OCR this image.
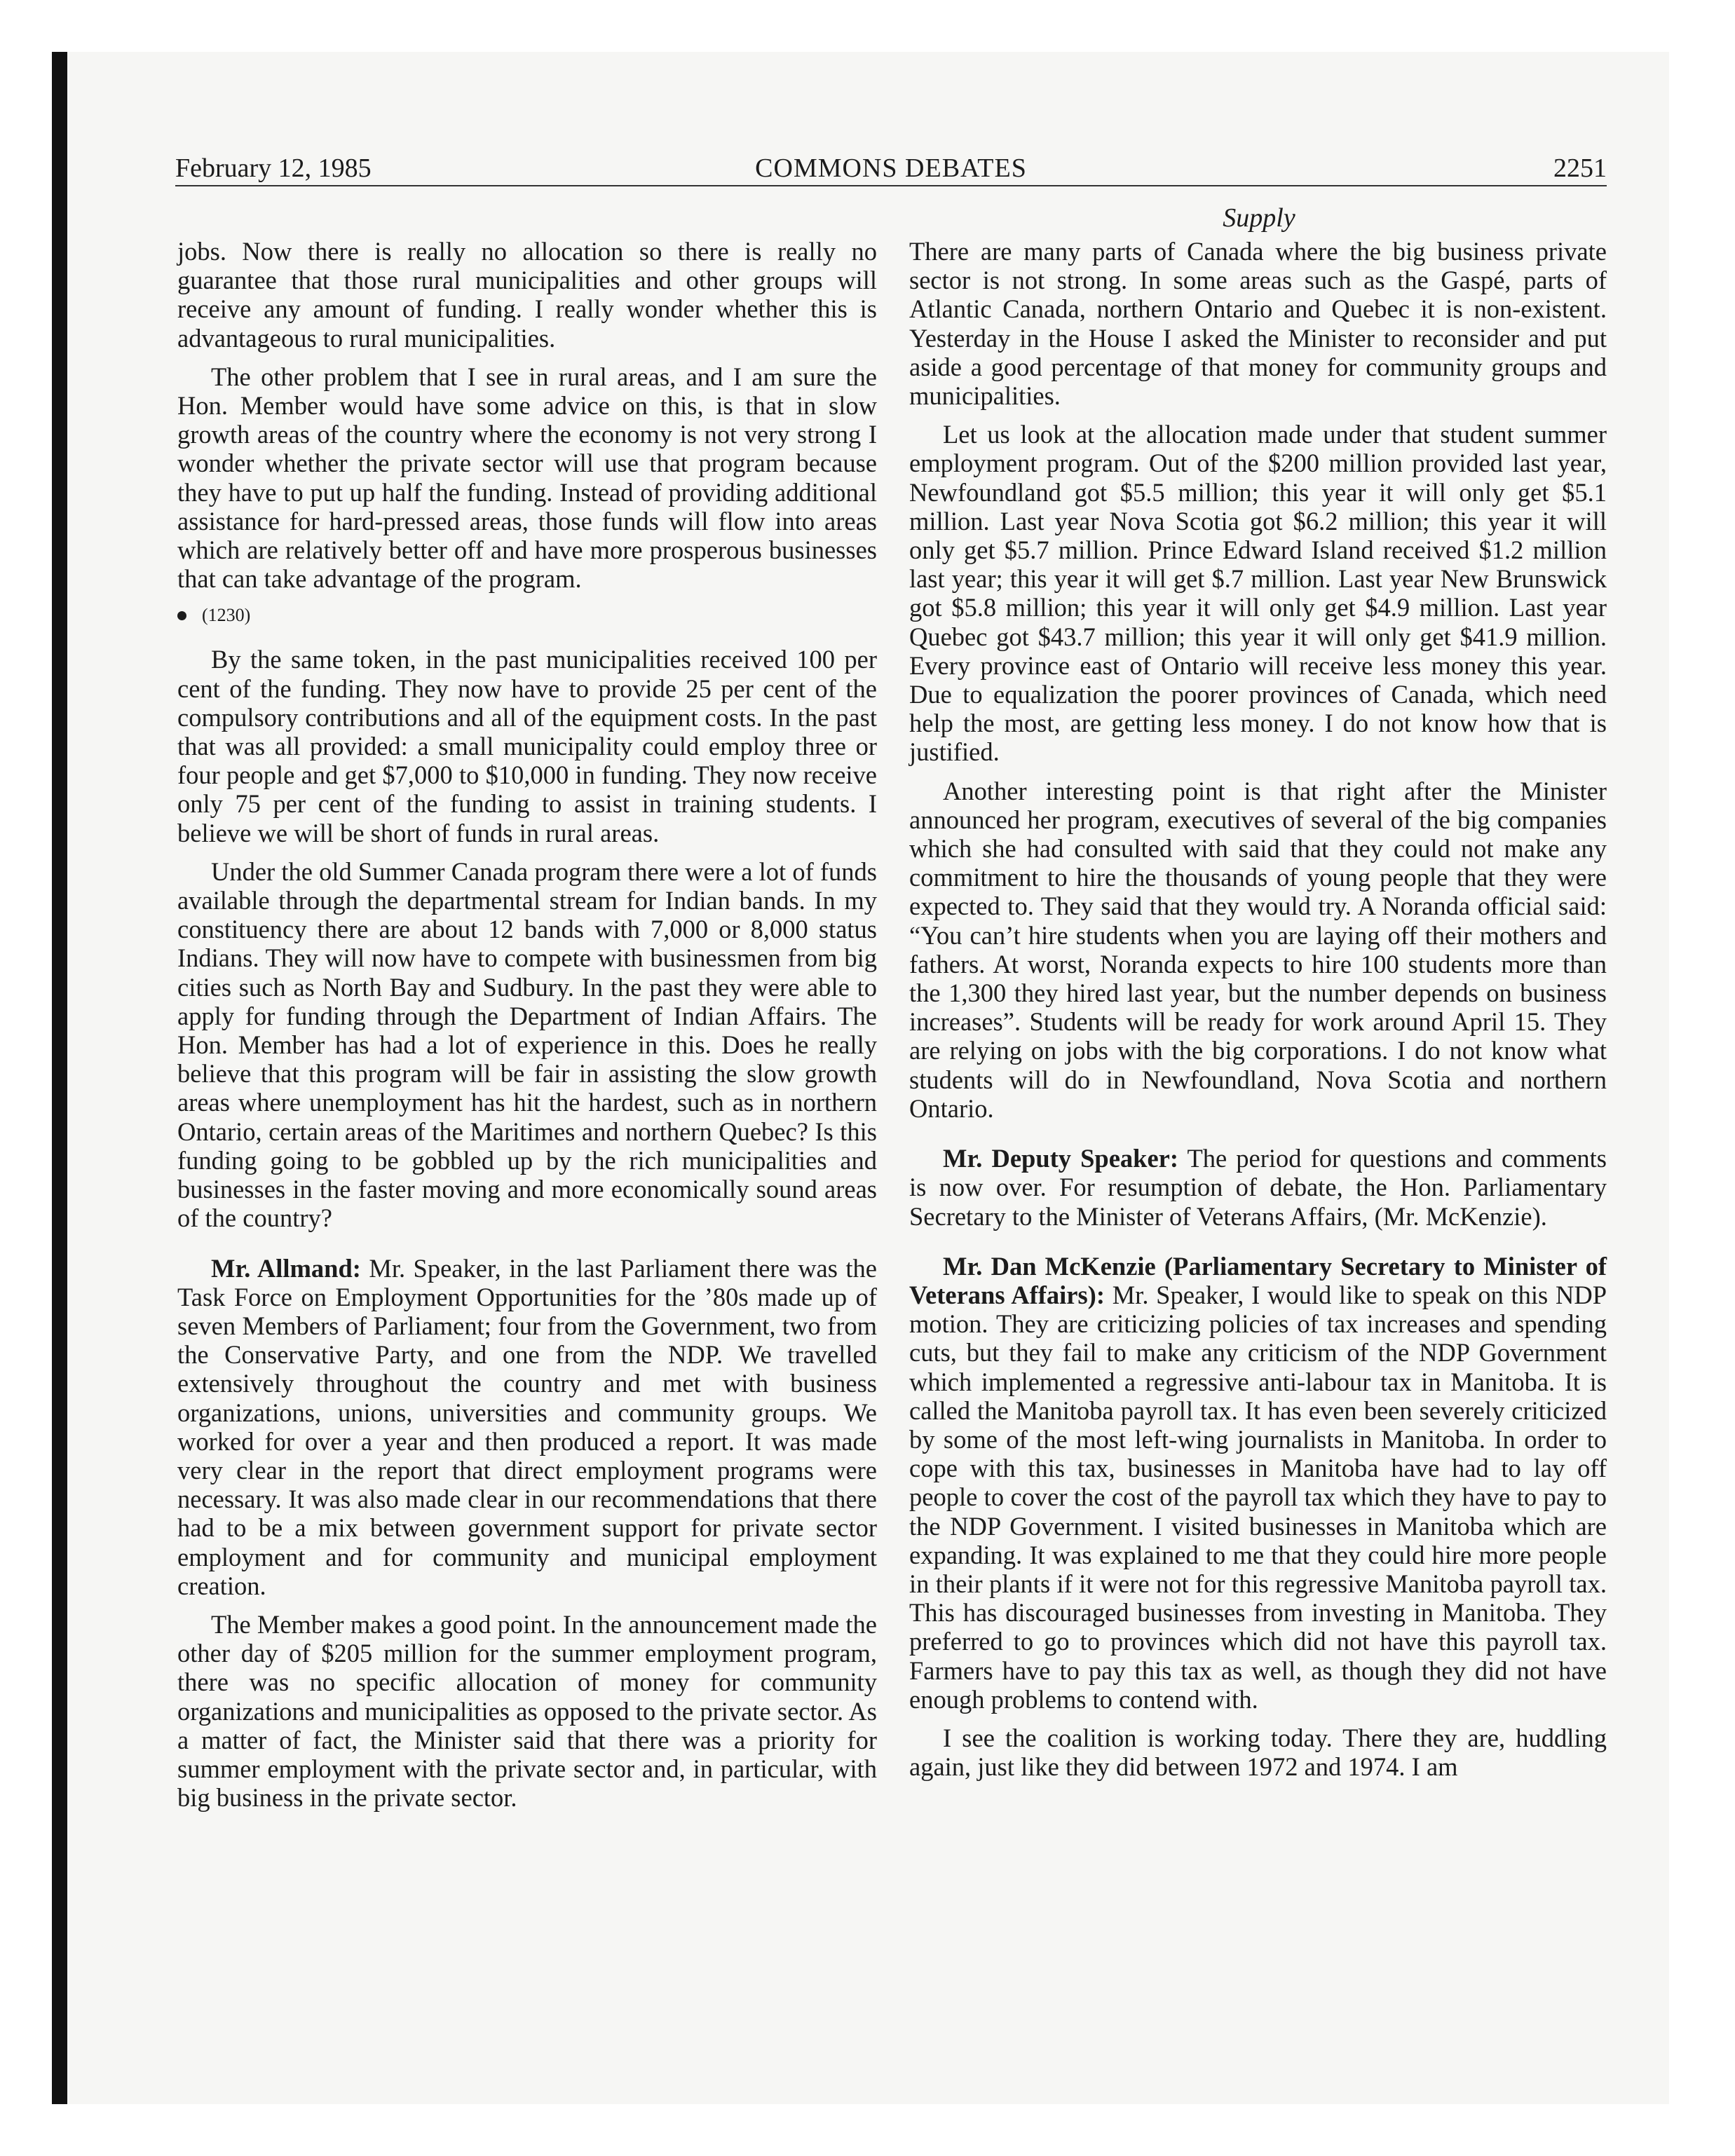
February 12, 1985	COMMONS DEBATES	2251
Supply

jobs. Now there is really no allocation so there is really no guarantee that those rural municipalities and other groups will receive any amount of funding. I really wonder whether this is advantageous to rural municipalities.

The other problem that I see in rural areas, and I am sure the Hon. Member would have some advice on this, is that in slow growth areas of the country where the economy is not very strong I wonder whether the private sector will use that program because they have to put up half the funding. Instead of providing additional assistance for hard-pressed areas, those funds will flow into areas which are relatively better off and have more prosperous businesses that can take advantage of the program.

(1230)

By the same token, in the past municipalities received 100 per cent of the funding. They now have to provide 25 per cent of the compulsory contributions and all of the equipment costs. In the past that was all provided: a small municipality could employ three or four people and get $7,000 to $10,000 in funding. They now receive only 75 per cent of the funding to assist in training students. I believe we will be short of funds in rural areas.

Under the old Summer Canada program there were a lot of funds available through the departmental stream for Indian bands. In my constituency there are about 12 bands with 7,000 or 8,000 status Indians. They will now have to compete with businessmen from big cities such as North Bay and Sudbury. In the past they were able to apply for funding through the Department of Indian Affairs. The Hon. Member has had a lot of experience in this. Does he really believe that this program will be fair in assisting the slow growth areas where unemployment has hit the hardest, such as in northern Ontario, certain areas of the Maritimes and northern Quebec? Is this funding going to be gobbled up by the rich municipalities and businesses in the faster moving and more economically sound areas of the country?

Mr. Allmand: Mr. Speaker, in the last Parliament there was the Task Force on Employment Opportunities for the ’80s made up of seven Members of Parliament; four from the Government, two from the Conservative Party, and one from the NDP. We travelled extensively throughout the country and met with business organizations, unions, universities and community groups. We worked for over a year and then produced a report. It was made very clear in the report that direct employment programs were necessary. It was also made clear in our recommendations that there had to be a mix between government support for private sector employment and for community and municipal employment creation.

The Member makes a good point. In the announcement made the other day of $205 million for the summer employment program, there was no specific allocation of money for community organizations and municipalities as opposed to the private sector. As a matter of fact, the Minister said that there was a priority for summer employment with the private sector and, in particular, with big business in the private sector.

There are many parts of Canada where the big business private sector is not strong. In some areas such as the Gaspé, parts of Atlantic Canada, northern Ontario and Quebec it is non-existent. Yesterday in the House I asked the Minister to reconsider and put aside a good percentage of that money for community groups and municipalities.

Let us look at the allocation made under that student summer employment program. Out of the $200 million provided last year, Newfoundland got $5.5 million; this year it will only get $5.1 million. Last year Nova Scotia got $6.2 million; this year it will only get $5.7 million. Prince Edward Island received $1.2 million last year; this year it will get $.7 million. Last year New Brunswick got $5.8 million; this year it will only get $4.9 million. Last year Quebec got $43.7 million; this year it will only get $41.9 million. Every province east of Ontario will receive less money this year. Due to equalization the poorer provinces of Canada, which need help the most, are getting less money. I do not know how that is justified.

Another interesting point is that right after the Minister announced her program, executives of several of the big companies which she had consulted with said that they could not make any commitment to hire the thousands of young people that they were expected to. They said that they would try. A Noranda official said: “You can’t hire students when you are laying off their mothers and fathers. At worst, Noranda expects to hire 100 students more than the 1,300 they hired last year, but the number depends on business increases”. Students will be ready for work around April 15. They are relying on jobs with the big corporations. I do not know what students will do in Newfoundland, Nova Scotia and northern Ontario.

Mr. Deputy Speaker: The period for questions and comments is now over. For resumption of debate, the Hon. Parliamentary Secretary to the Minister of Veterans Affairs, (Mr. McKenzie).

Mr. Dan McKenzie (Parliamentary Secretary to Minister of Veterans Affairs): Mr. Speaker, I would like to speak on this NDP motion. They are criticizing policies of tax increases and spending cuts, but they fail to make any criticism of the NDP Government which implemented a regressive anti-labour tax in Manitoba. It is called the Manitoba payroll tax. It has even been severely criticized by some of the most left-wing journalists in Manitoba. In order to cope with this tax, businesses in Manitoba have had to lay off people to cover the cost of the payroll tax which they have to pay to the NDP Government. I visited businesses in Manitoba which are expanding. It was explained to me that they could hire more people in their plants if it were not for this regressive Manitoba payroll tax. This has discouraged businesses from investing in Manitoba. They preferred to go to provinces which did not have this payroll tax. Farmers have to pay this tax as well, as though they did not have enough problems to contend with.

I see the coalition is working today. There they are, huddling again, just like they did between 1972 and 1974. I am
